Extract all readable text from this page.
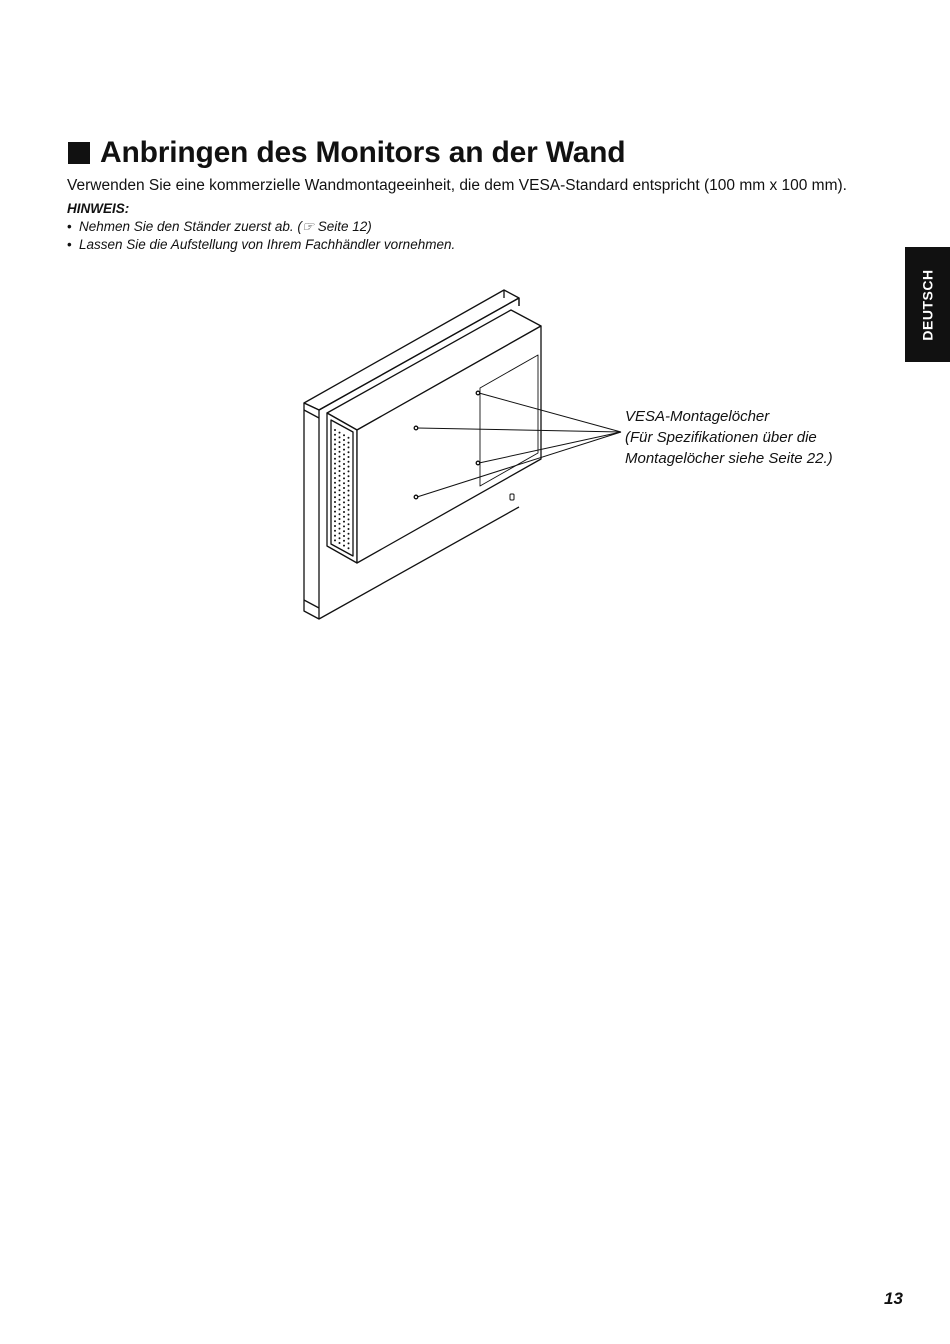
Anbringen des Monitors an der Wand

Verwenden Sie eine kommerzielle Wandmontageeinheit, die dem VESA-Standard entspricht (100 mm x 100 mm).

HINWEIS:

• Nehmen Sie den Ständer zuerst ab. (☞ Seite 12)
• Lassen Sie die Aufstellung von Ihrem Fachhändler vornehmen.
DEUTSCH
VESA-Montagelöcher
(Für Spezifikationen über die
Montagelöcher siehe Seite 22.)
13
